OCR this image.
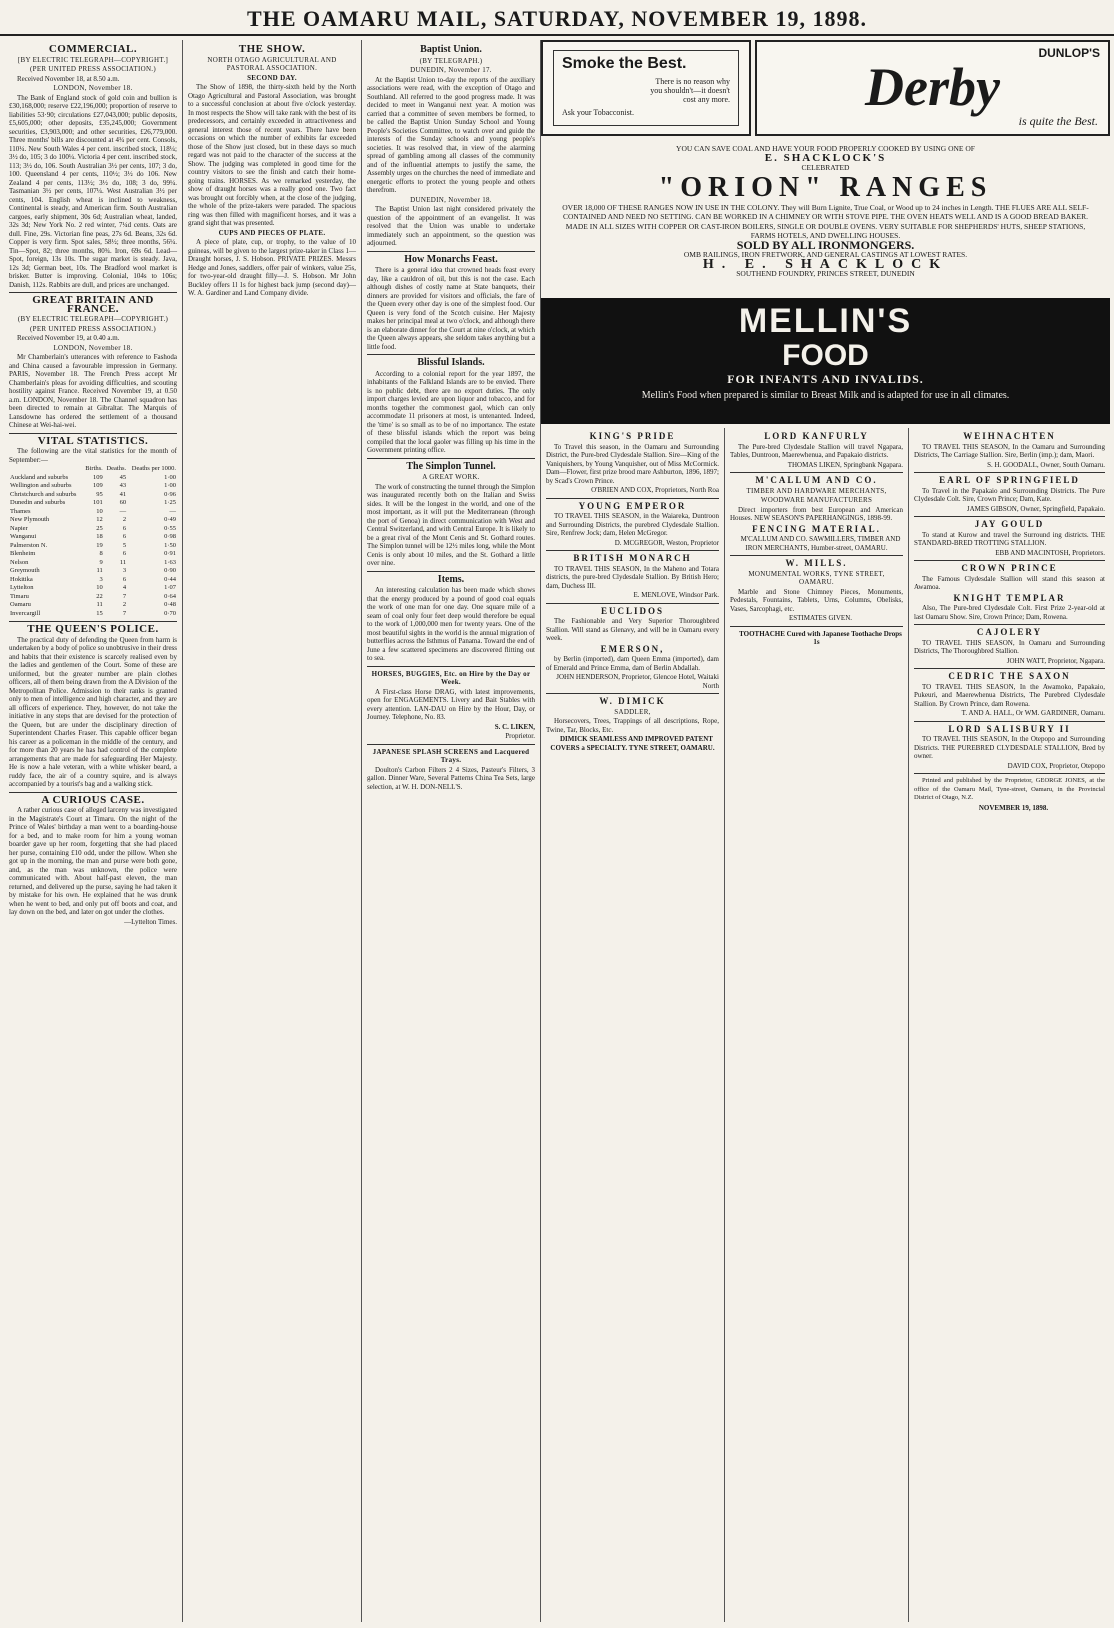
THE OAMARU MAIL, SATURDAY, NOVEMBER 19, 1898.
COMMERCIAL.
[BY ELECTRIC TELEGRAPH—COPYRIGHT.]
(PER UNITED PRESS ASSOCIATION.)

Received November 18, at 8.50 a.m.

LONDON, November 18.

The Bank of England stock of gold coin and bullion is £30,168,000; reserve £22,196,000; proportion of reserve to liabilities 53·90; circulations £27,043,000; public deposits, £5,605,000; other deposits, £35,245,000; Government securities, £3,903,000; and other securities, £26,779,000. Three months' bills are discounted at 4¾ per cent. Consols, 110¼. New South Wales 4 per cent. inscribed stock, 118¼; 3½ do, 105; 3 do 100¼. Victoria 4 per cent. inscribed stock, 113; 3½ do, 106. South Australian 3½ per cents, 107; 3 do, 100. Queensland 4 per cents, 110½; 3½ do 106. New Zealand 4 per cents, 113½; 3½ do, 108; 3 do, 99¼. Tasmanian 3½ per cents, 107¼. West Australian 3½ per cents, 104. English wheat is inclined to weakness, Continental is steady, and American firm. South Australian cargoes, early shipment, 30s 6d; Australian wheat, landed, 32s 3d; New York No. 2 red winter, 7¼d cents. Oats are dull. Fine, 29s. Victorian fine peas, 27s 6d. Beans, 32s 6d. Copper is very firm. Spot sales, 58½; three months, 56¼. Tin—Spot, 82; three months, 80¾. Iron, 69s 6d. Lead—Spot, foreign, 13s 10s. The sugar market is steady. Java, 12s 3d; German beet, 10s. The Bradford wool market is brisker. Butter is improving. Colonial, 104s to 106s; Danish, 112s. Rabbits are dull, and prices are unchanged.

GREAT BRITAIN AND FRANCE.
(BY ELECTRIC TELEGRAPH—COPYRIGHT.)
(PER UNITED PRESS ASSOCIATION.)

Received November 19, at 0.40 a.m.

LONDON, November 18.

Mr Chamberlain's utterances with reference to Fashoda and China caused a favourable impression in Germany. PARIS, November 18. The French Press accept Mr Chamberlain's pleas for avoiding difficulties, and scouting hostility against France. Received November 19, at 0.50 a.m. LONDON, November 18. The Channel squadron has been directed to remain at Gibraltar. The Marquis of Lansdowne has ordered the settlement of a thousand Chinese at Wei-hai-wei.

VITAL STATISTICS.

The following are the vital statistics for the month of September:—

	Births.	Deaths.	Deaths per 1000.
Auckland and suburbs	109	45	1·00
Wellington and suburbs	109	43	1·00
Christchurch and suburbs	95	41	0·96
Dunedin and suburbs	101	60	1·25
Thames	10	—	—
New Plymouth	12	2	0·49
Napier	25	6	0·55
Wanganui	18	6	0·98
Palmerston N.	19	5	1·50
Blenheim	8	6	0·91
Nelson	9	11	1·63
Greymouth	11	3	0·90
Hokitika	3	6	0·44
Lyttelton	10	4	1·07
Timaru	22	7	0·64
Oamaru	11	2	0·48
Invercargill	15	7	0·70
THE QUEEN'S POLICE.

The practical duty of defending the Queen from harm is undertaken by a body of police so unobtrusive in their dress and habits that their existence is scarcely realised even by the ladies and gentlemen of the Court. Some of these are uniformed, but the greater number are plain clothes officers, all of them being drawn from the A Division of the Metropolitan Police. Admission to their ranks is granted only to men of intelligence and high character, and they are all officers of experience. They, however, do not take the initiative in any steps that are devised for the protection of the Queen, but are under the disciplinary direction of Superintendent Charles Fraser. This capable officer began his career as a policeman in the middle of the century, and for more than 20 years he has had control of the complete arrangements that are made for safeguarding Her Majesty. He is now a hale veteran, with a white whisker beard, a ruddy face, the air of a country squire, and is always accompanied by a tourist's bag and a walking stick.

A CURIOUS CASE.

A rather curious case of alleged larceny was investigated in the Magistrate's Court at Timaru. On the night of the Prince of Wales' birthday a man went to a boarding-house for a bed, and to make room for him a young woman boarder gave up her room, forgetting that she had placed her purse, containing £10 odd, under the pillow. When she got up in the morning, the man and purse were both gone, and, as the man was unknown, the police were communicated with. About half-past eleven, the man returned, and delivered up the purse, saying he had taken it by mistake for his own. He explained that he was drunk when he went to bed, and only put off boots and coat, and lay down on the bed, and later on got under the clothes.

—Lyttelton Times.

THE SHOW.
NORTH OTAGO AGRICULTURAL AND PASTORAL ASSOCIATION.
SECOND DAY.

The Show of 1898, the thirty-sixth held by the North Otago Agricultural and Pastoral Association, was brought to a successful conclusion at about five o'clock yesterday. In most respects the Show will take rank with the best of its predecessors, and certainly exceeded in attractiveness and general interest those of recent years. There have been occasions on which the number of exhibits far exceeded those of the Show just closed, but in these days so much regard was not paid to the character of the success at the Show. The judging was completed in good time for the country visitors to see the finish and catch their home-going trains. HORSES. As we remarked yesterday, the show of draught horses was a really good one. Two fact was brought out forcibly when, at the close of the judging, the whole of the prize-takers were paraded. The spacious ring was then filled with magnificent horses, and it was a grand sight that was presented.

CUPS AND PIECES OF PLATE.

A piece of plate, cup, or trophy, to the value of 10 guineas, will be given to the largest prize-taker in Class 1—Draught horses, J. S. Hobson. PRIVATE PRIZES. Messrs Hedge and Jones, saddlers, offer pair of winkers, value 25s, for two-year-old draught filly—J. S. Hobson. Mr John Buckley offers 1l 1s for highest back jump (second day)—W. A. Gardiner and Land Company divide.

Baptist Union.
(BY TELEGRAPH.)
DUNEDIN, November 17.

At the Baptist Union to-day the reports of the auxiliary associations were read, with the exception of Otago and Southland. All referred to the good progress made. It was decided to meet in Wanganui next year. A motion was carried that a committee of seven members be formed, to be called the Baptist Union Sunday School and Young People's Societies Committee, to watch over and guide the interests of the Sunday schools and young people's societies. It was resolved that, in view of the alarming spread of gambling among all classes of the community and of the influential attempts to justify the same, the Assembly urges on the churches the need of immediate and energetic efforts to protect the young people and others therefrom.

DUNEDIN, November 18.

The Baptist Union last night considered privately the question of the appointment of an evangelist. It was resolved that the Union was unable to undertake immediately such an appointment, so the question was adjourned.

How Monarchs Feast.

There is a general idea that crowned heads feast every day, like a cauldron of oil, but this is not the case. Each although dishes of costly name at State banquets, their dinners are provided for visitors and officials, the fare of the Queen every other day is one of the simplest food. Our Queen is very fond of the Scotch cuisine. Her Majesty makes her principal meal at two o'clock, and although there is an elaborate dinner for the Court at nine o'clock, at which the Queen always appears, she seldom takes anything but a little food.

Blissful Islands.

According to a colonial report for the year 1897, the inhabitants of the Falkland Islands are to be envied. There is no public debt, there are no export duties. The only import charges levied are upon liquor and tobacco, and for months together the commonest gaol, which can only accommodate 11 prisoners at most, is untenanted. Indeed, the 'time' is so small as to be of no importance. The estate of these blissful islands which the report was being compiled that the local gaoler was filling up his time in the Government printing office.

The Simplon Tunnel.
A GREAT WORK.

The work of constructing the tunnel through the Simplon was inaugurated recently both on the Italian and Swiss sides. It will be the longest in the world, and one of the most important, as it will put the Mediterranean (through the port of Genoa) in direct communication with West and Central Switzerland, and with Central Europe. It is likely to be a great rival of the Mont Cenis and St. Gothard routes. The Simplon tunnel will be 12½ miles long, while the Mont Cenis is only about 10 miles, and the St. Gothard a little over nine.

Items.

An interesting calculation has been made which shows that the energy produced by a pound of good coal equals the work of one man for one day. One square mile of a seam of coal only four feet deep would therefore be equal to the work of 1,000,000 men for twenty years. One of the most beautiful sights in the world is the annual migration of butterflies across the Isthmus of Panama. Toward the end of June a few scattered specimens are discovered flitting out to sea.

HORSES, BUGGIES, Etc. on Hire by the Day or Week.

A First-class Horse DRAG, with latest improvements, open for ENGAGEMENTS. Livery and Bait Stables with every attention. LAN-DAU on Hire by the Hour, Day, or Journey. Telephone, No. 83.

S. C. LIKEN,

Proprietor.

JAPANESE SPLASH SCREENS and Lacquered Trays.

Doulton's Carbon Filters 2 4 Sizes, Pasteur's Filters, 3 gallon. Dinner Ware, Several Patterns China Tea Sets, large selection, at W. H. DON-NELL'S.

Smoke the Best.
There is no reason why
you shouldn't—it doesn't
cost any more.
Ask your Tobacconist.
DUNLOP'S
Derby
is quite the Best.
YOU CAN SAVE COAL AND HAVE YOUR FOOD PROPERLY COOKED BY USING ONE OF
E. SHACKLOCK'S
CELEBRATED
"ORION" RANGES
OVER 18,000 OF THESE RANGES NOW IN USE IN THE COLONY. They will Burn Lignite, True Coal, or Wood up to 24 inches in Length. THE FLUES ARE ALL SELF-CONTAINED AND NEED NO SETTING. CAN BE WORKED IN A CHIMNEY OR WITH STOVE PIPE. THE OVEN HEATS WELL AND IS A GOOD BREAD BAKER. MADE IN ALL SIZES WITH COPPER OR CAST-IRON BOILERS, SINGLE OR DOUBLE OVENS. VERY SUITABLE FOR SHEPHERDS' HUTS, SHEEP STATIONS, FARMS HOTELS, AND DWELLING HOUSES.
SOLD BY ALL IRONMONGERS.
OMB RAILINGS, IRON FRETWORK, AND GENERAL CASTINGS AT LOWEST RATES.
H. E. SHACKLOCK
SOUTHEND FOUNDRY, PRINCES STREET, DUNEDIN
MELLIN'S
FOOD
FOR INFANTS AND INVALIDS.
Mellin's Food when prepared is similar to Breast Milk and is adapted for use in all climates.
KING'S PRIDE

To Travel this season, in the Oamaru and Surrounding District, the Pure-bred Clydesdale Stallion. Sire—King of the Vaniquishers, by Young Vanquisher, out of Miss McCormick. Dam—Flower, first prize brood mare Ashburton, 1896, 1897; by Scad's Crown Prince.

O'BRIEN AND COX, Proprietors, North Roa

YOUNG EMPEROR

TO TRAVEL THIS SEASON, in the Waiareka, Duntroon and Surrounding Districts, the purebred Clydesdale Stallion. Sire, Renfrew Jock; dam, Helen McGregor.

D. MCGREGOR, Weston, Proprietor

BRITISH MONARCH

TO TRAVEL THIS SEASON, In the Maheno and Totara districts, the pure-bred Clydesdale Stallion. By British Hero; dam, Duchess III.

E. MENLOVE, Windsor Park.

EUCLIDOS

The Fashionable and Very Superior Thoroughbred Stallion. Will stand as Glenavy, and will be in Oamaru every week.

EMERSON,

by Berlin (imported), dam Queen Emma (imported), dam of Emerald and Prince Emma, dam of Berlin Abdallah.

JOHN HENDERSON, Proprietor, Glencoe Hotel, Waitaki North

W. DIMICK
SADDLER,

Horsecovers, Trees, Trappings of all descriptions, Rope, Twine, Tar, Blocks, Etc.

DIMICK SEAMLESS AND IMPROVED PATENT COVERS a SPECIALTY. TYNE STREET, OAMARU.

LORD KANFURLY

The Pure-bred Clydesdale Stallion will travel Ngapara, Tables, Duntroon, Maerewhenua, and Papakaio districts.

THOMAS LIKEN, Springbank Ngapara.

M'CALLUM AND CO.
TIMBER AND HARDWARE MERCHANTS,
WOODWARE MANUFACTURERS

Direct importers from best European and American Houses. NEW SEASON'S PAPERHANGINGS, 1898-99.

FENCING MATERIAL.

M'CALLUM AND CO. SAWMILLERS, TIMBER AND IRON MERCHANTS, Humber-street, OAMARU.

W. MILLS.
MONUMENTAL WORKS, TYNE STREET, OAMARU.

Marble and Stone Chimney Pieces, Monuments, Pedestals, Fountains, Tablets, Urns, Columns, Obelisks, Vases, Sarcophagi, etc.

ESTIMATES GIVEN.

TOOTHACHE Cured with Japanese Toothache Drops 1s

WEIHNACHTEN

TO TRAVEL THIS SEASON, In the Oamaru and Surrounding Districts, The Carriage Stallion. Sire, Berlin (imp.); dam, Maori.

S. H. GOODALL, Owner, South Oamaru.

EARL OF SPRINGFIELD

To Travel in the Papakaio and Surrounding Districts. The Pure Clydesdale Colt. Sire, Crown Prince; Dam, Kate.

JAMES GIBSON, Owner, Springfield, Papakaio.

JAY GOULD

To stand at Kurow and travel the Surround ing districts. THE STANDARD-BRED TROTTING STALLION.

EBB AND MACINTOSH, Proprietors.

CROWN PRINCE

The Famous Clydesdale Stallion will stand this season at Awamoa.

KNIGHT TEMPLAR

Also, The Pure-bred Clydesdale Colt. First Prize 2-year-old at last Oamaru Show. Sire, Crown Prince; Dam, Rowena.

CAJOLERY

TO TRAVEL THIS SEASON, In Oamaru and Surrounding Districts, The Thoroughbred Stallion.

JOHN WATT, Proprietor, Ngapara.

CEDRIC THE SAXON

TO TRAVEL THIS SEASON, In the Awamoko, Papakaio, Pukeuri, and Maerewhenua Districts, The Purebred Clydesdale Stallion. By Crown Prince, dam Rowena.

T. AND A. HALL, Or WM. GARDINER, Oamaru.

LORD SALISBURY II

TO TRAVEL THIS SEASON, In the Otepopo and Surrounding Districts. THE PUREBRED CLYDESDALE STALLION, Bred by owner.

DAVID COX, Proprietor, Otepopo

Printed and published by the Proprietor, GEORGE JONES, at the office of the Oamaru Mail, Tyne-street, Oamaru, in the Provincial District of Otago, N.Z.

NOVEMBER 19, 1898.
